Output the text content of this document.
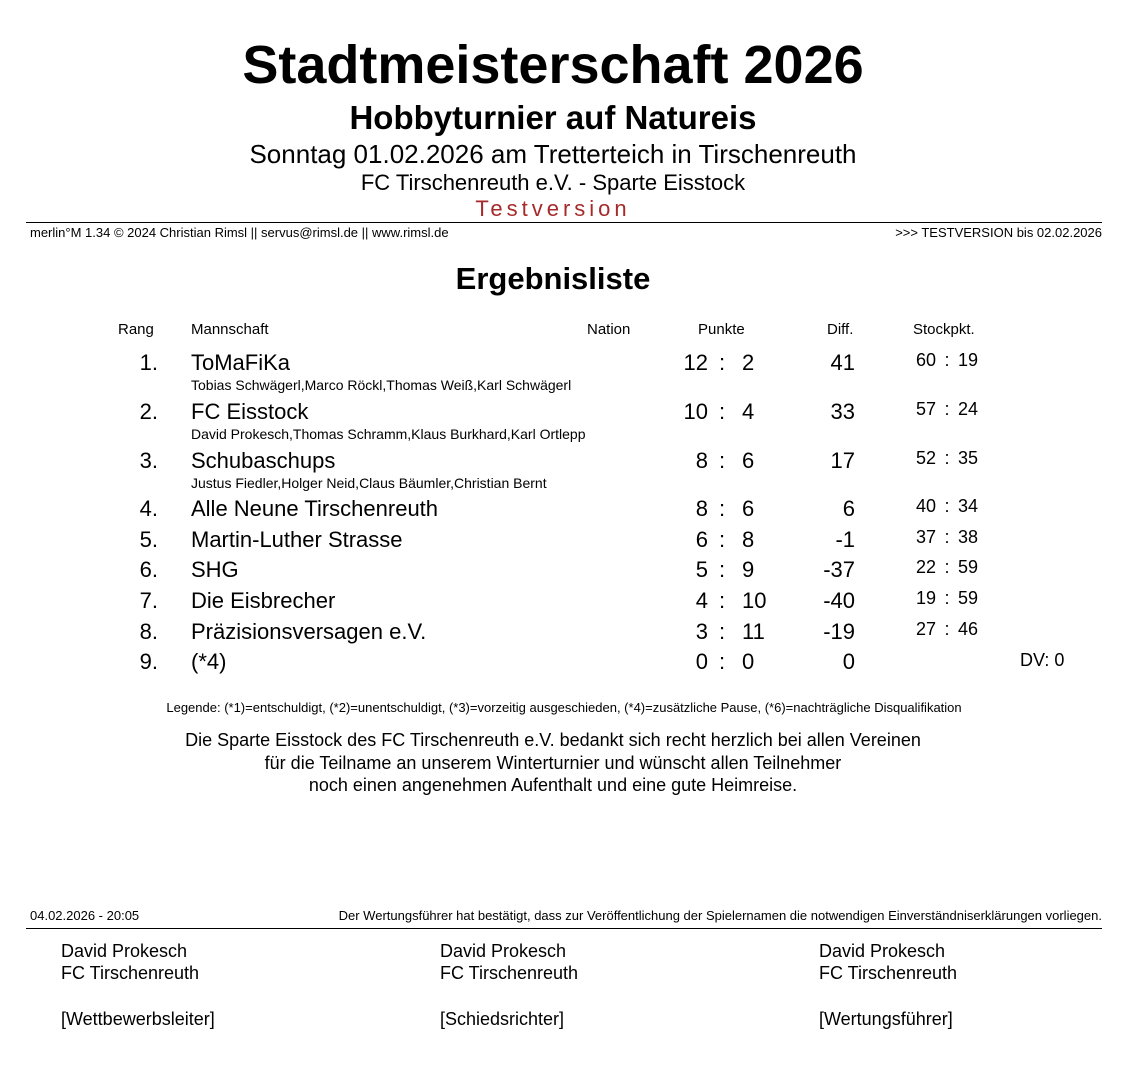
Stadtmeisterschaft 2026
Hobbyturnier auf Natureis
Sonntag 01.02.2026 am Tretterteich in Tirschenreuth
FC Tirschenreuth e.V. - Sparte Eisstock
Testversion
merlin°M 1.34 © 2024 Christian Rimsl || servus@rimsl.de || www.rimsl.de	>>> TESTVERSION bis 02.02.2026
Ergebnisliste
Rang Mannschaft	Nation	Punkte	Diff.	Stockpkt.
1. ToMaFiKa	12 : 2	41	60 : 19
Tobias Schwägerl,Marco Röckl,Thomas Weiß,Karl Schwägerl
2. FC Eisstock	10 : 4	33	57 : 24
David Prokesch,Thomas Schramm,Klaus Burkhard,Karl Ortlepp
3. Schubaschups	8 : 6	17	52 : 35
Justus Fiedler,Holger Neid,Claus Bäumler,Christian Bernt
4. Alle Neune Tirschenreuth	8 : 6	6	40 : 34
5. Martin-Luther Strasse	6 : 8	-1	37 : 38
6. SHG	5 : 9	-37	22 : 59
7. Die Eisbrecher	4 : 10	-40	19 : 59
8. Präzisionsversagen e.V.	3 : 11	-19	27 : 46
9. (*4)	0 : 0	0	DV: 0
Legende: (*1)=entschuldigt, (*2)=unentschuldigt, (*3)=vorzeitig ausgeschieden, (*4)=zusätzliche Pause, (*6)=nachträgliche Disqualifikation
Die Sparte Eisstock des FC Tirschenreuth e.V. bedankt sich recht herzlich bei allen Vereinen
für die Teilname an unserem Winterturnier und wünscht allen Teilnehmer
noch einen angenehmen Aufenthalt und eine gute Heimreise.
04.02.2026 - 20:05	Der Wertungsführer hat bestätigt, dass zur Veröffentlichung der Spielernamen die notwendigen Einverständniserklärungen vorliegen.
David Prokesch
FC Tirschenreuth
[Wettbewerbsleiter]
David Prokesch
FC Tirschenreuth
[Schiedsrichter]
David Prokesch
FC Tirschenreuth
[Wertungsführer]
